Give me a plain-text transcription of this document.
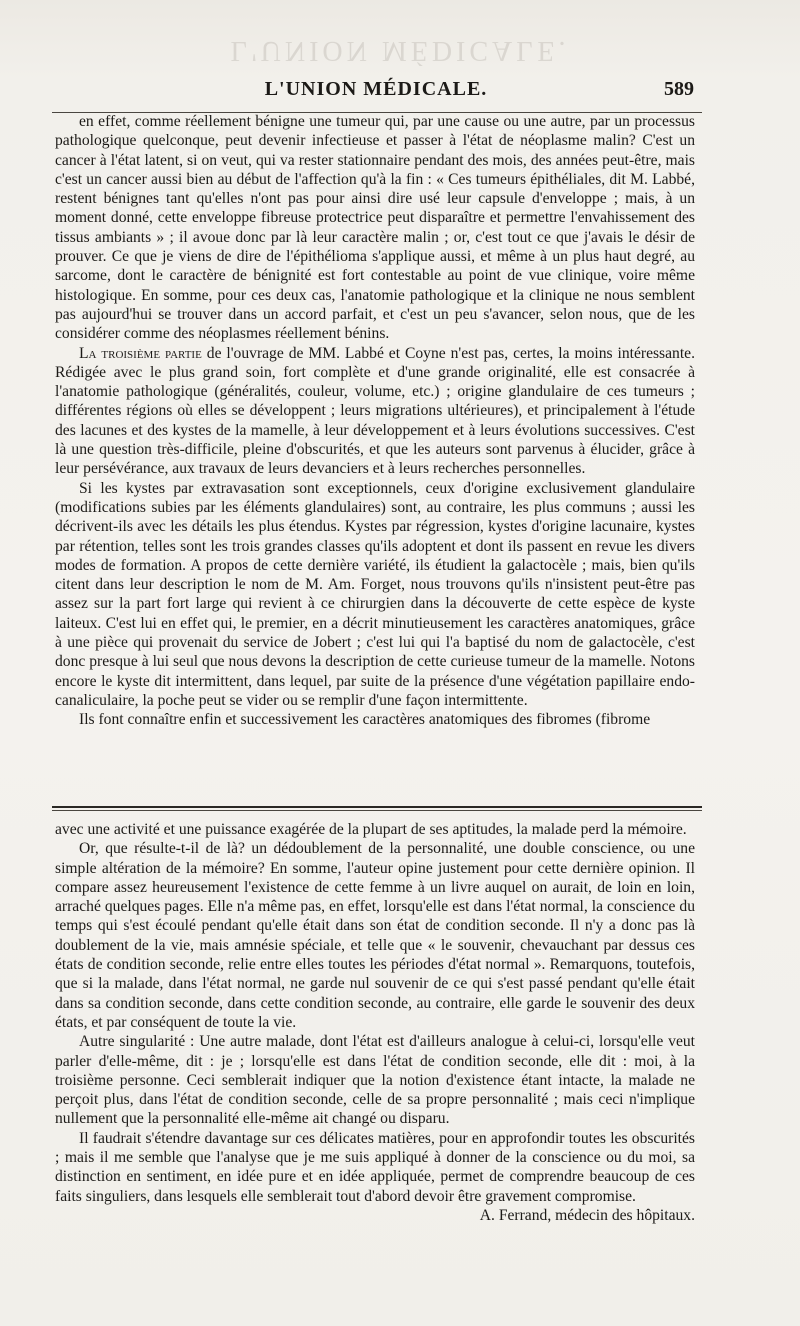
L'UNION MÉDICALE.
L'UNION MÉDICALE.	589

en effet, comme réellement bénigne une tumeur qui, par une cause ou une autre, par un processus pathologique quelconque, peut devenir infectieuse et passer à l'état de néoplasme malin? C'est un cancer à l'état latent, si on veut, qui va rester stationnaire pendant des mois, des années peut-être, mais c'est un cancer aussi bien au début de l'affection qu'à la fin : « Ces tumeurs épithéliales, dit M. Labbé, restent bénignes tant qu'elles n'ont pas pour ainsi dire usé leur capsule d'enveloppe ; mais, à un moment donné, cette enveloppe fibreuse protectrice peut disparaître et permettre l'envahissement des tissus ambiants » ; il avoue donc par là leur caractère malin ; or, c'est tout ce que j'avais le désir de prouver. Ce que je viens de dire de l'épithélioma s'applique aussi, et même à un plus haut degré, au sarcome, dont le caractère de bénignité est fort contestable au point de vue clinique, voire même histologique. En somme, pour ces deux cas, l'anatomie pathologique et la clinique ne nous semblent pas aujourd'hui se trouver dans un accord parfait, et c'est un peu s'avancer, selon nous, que de les considérer comme des néoplasmes réellement bénins.

La troisième partie de l'ouvrage de MM. Labbé et Coyne n'est pas, certes, la moins intéressante. Rédigée avec le plus grand soin, fort complète et d'une grande originalité, elle est consacrée à l'anatomie pathologique (généralités, couleur, volume, etc.) ; origine glandulaire de ces tumeurs ; différentes régions où elles se développent ; leurs migrations ultérieures), et principalement à l'étude des lacunes et des kystes de la mamelle, à leur développement et à leurs évolutions successives. C'est là une question très-difficile, pleine d'obscurités, et que les auteurs sont parvenus à élucider, grâce à leur persévérance, aux travaux de leurs devanciers et à leurs recherches personnelles.

Si les kystes par extravasation sont exceptionnels, ceux d'origine exclusivement glandulaire (modifications subies par les éléments glandulaires) sont, au contraire, les plus communs ; aussi les décrivent-ils avec les détails les plus étendus. Kystes par régression, kystes d'origine lacunaire, kystes par rétention, telles sont les trois grandes classes qu'ils adoptent et dont ils passent en revue les divers modes de formation. A propos de cette dernière variété, ils étudient la galactocèle ; mais, bien qu'ils citent dans leur description le nom de M. Am. Forget, nous trouvons qu'ils n'insistent peut-être pas assez sur la part fort large qui revient à ce chirurgien dans la découverte de cette espèce de kyste laiteux. C'est lui en effet qui, le premier, en a décrit minutieusement les caractères anatomiques, grâce à une pièce qui provenait du service de Jobert ; c'est lui qui l'a baptisé du nom de galactocèle, c'est donc presque à lui seul que nous devons la description de cette curieuse tumeur de la mamelle. Notons encore le kyste dit intermittent, dans lequel, par suite de la présence d'une végétation papillaire endo-canaliculaire, la poche peut se vider ou se remplir d'une façon intermittente.

Ils font connaître enfin et successivement les caractères anatomiques des fibromes (fibrome

avec une activité et une puissance exagérée de la plupart de ses aptitudes, la malade perd la mémoire.

Or, que résulte-t-il de là? un dédoublement de la personnalité, une double conscience, ou une simple altération de la mémoire? En somme, l'auteur opine justement pour cette dernière opinion. Il compare assez heureusement l'existence de cette femme à un livre auquel on aurait, de loin en loin, arraché quelques pages. Elle n'a même pas, en effet, lorsqu'elle est dans l'état normal, la conscience du temps qui s'est écoulé pendant qu'elle était dans son état de condition seconde. Il n'y a donc pas là doublement de la vie, mais amnésie spéciale, et telle que « le souvenir, chevauchant par dessus ces états de condition seconde, relie entre elles toutes les périodes d'état normal ». Remarquons, toutefois, que si la malade, dans l'état normal, ne garde nul souvenir de ce qui s'est passé pendant qu'elle était dans sa condition seconde, dans cette condition seconde, au contraire, elle garde le souvenir des deux états, et par conséquent de toute la vie.

Autre singularité : Une autre malade, dont l'état est d'ailleurs analogue à celui-ci, lorsqu'elle veut parler d'elle-même, dit : je ; lorsqu'elle est dans l'état de condition seconde, elle dit : moi, à la troisième personne. Ceci semblerait indiquer que la notion d'existence étant intacte, la malade ne perçoit plus, dans l'état de condition seconde, celle de sa propre personnalité ; mais ceci n'implique nullement que la personnalité elle-même ait changé ou disparu.

Il faudrait s'étendre davantage sur ces délicates matières, pour en approfondir toutes les obscurités ; mais il me semble que l'analyse que je me suis appliqué à donner de la conscience ou du moi, sa distinction en sentiment, en idée pure et en idée appliquée, permet de comprendre beaucoup de ces faits singuliers, dans lesquels elle semblerait tout d'abord devoir être gravement compromise.

A. Ferrand, médecin des hôpitaux.
